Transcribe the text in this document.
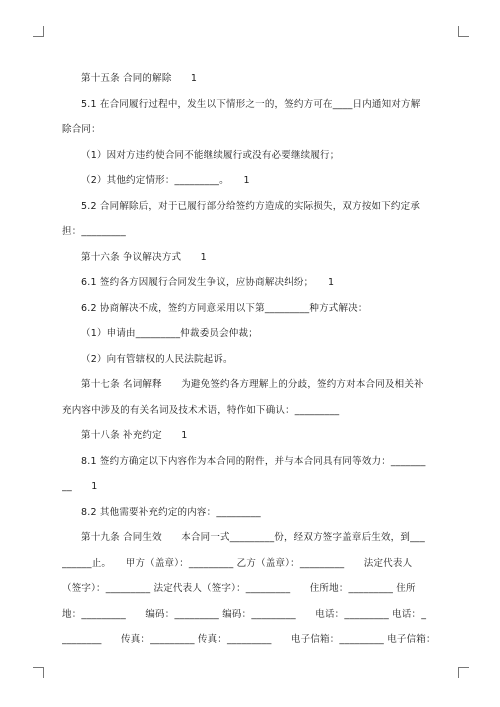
第十五条 合同的解除　　1

5.1 在合同履行过程中，发生以下情形之一的，签约方可在____日内通知对方解

除合同：

（1）因对方违约使合同不能继续履行或没有必要继续履行；

（2）其他约定情形：_________。　　1

5.2 合同解除后，对于已履行部分给签约方造成的实际损失，双方按如下约定承

担：_________

第十六条 争议解决方式　　1

6.1 签约各方因履行合同发生争议，应协商解决纠纷；　　1

6.2 协商解决不成，签约方同意采用以下第_________种方式解决：

（1）申请由_________仲裁委员会仲裁；

（2）向有管辖权的人民法院起诉。

第十七条 名词解释　　为避免签约各方理解上的分歧，签约方对本合同及相关补

充内容中涉及的有关名词及技术术语，特作如下确认：_________

第十八条 补充约定　　1

8.1 签约方确定以下内容作为本合同的附件，并与本合同具有同等效力：_______

__　　1

8.2 其他需要补充约定的内容：_________

第十九条 合同生效　　本合同一式_________份，经双方签字盖章后生效，到___

______止。　　甲方（盖章）：_________ 乙方（盖章）：_________　　法定代表人

（签字）：_________ 法定代表人（签字）：_________　　住所地：_________ 住所

地：_________　　编码：_________ 编码：_________　　电话：_________ 电话：_

________　　传真：_________ 传真：_________　　电子信箱：_________ 电子信箱：
